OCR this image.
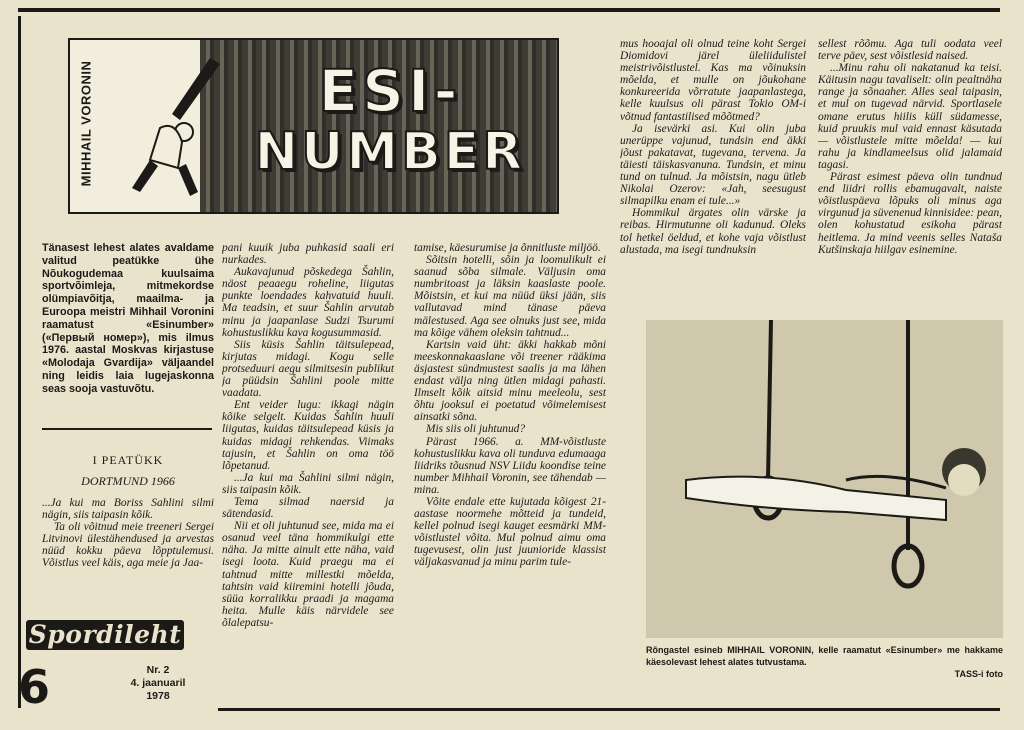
MIHHAIL VORONIN	ESI-
NUMBER
Tänasest lehest alates avaldame valitud peatükke ühe Nõukogudemaa kuulsaima sportvõimleja, mitmekordse olümpiavõitja, maailma- ja Euroopa meistri Mihhail Voronini raamatust «Esinumber» («Первый номер»), mis ilmus 1976. aastal Moskvas kirjastuse «Molodaja Gvardija» väljaandel ning leidis laia lugejaskonna seas sooja vastuvõtu.
I PEATÜKK
DORTMUND 1966

...Ja kui ma Boriss Sahlini silmi nägin, siis taipasin kõik.

Ta oli võitnud meie treeneri Sergei Litvinovi ülestähendused ja arvestas nüüd kokku päeva lõpptulemusi. Võistlus veel käis, aga meie ja Jaa-

pani kuuik juba puhkasid saali eri nurkades.

Aukavajunud põskedega Šahlin, näost peaaegu roheline, liigutas punkte loendades kahvatuid huuli. Ma teadsin, et suur Šahlin arvutab minu ja jaapanlase Sudzi Tsurumi kohustuslikku kava kogusummasid.

Siis küsis Šahlin täitsulepead, kirjutas midagi. Kogu selle protseduuri aegu silmitsesin publikut ja püüdsin Šahlini poole mitte vaadata.

Ent veider lugu: ikkagi nägin kõike selgelt. Kuidas Šahlin huuli liigutas, kuidas täitsulepead küsis ja kuidas midagi rehkendas. Viimaks tajusin, et Šahlin on oma töö lõpetanud.

...Ja kui ma Šahlini silmi nägin, siis taipasin kõik.

Tema silmad naersid ja sätendasid.

Nii et oli juhtunud see, mida ma ei osanud veel täna hommikulgi ette näha. Ja mitte ainult ette näha, vaid isegi loota. Kuid praegu ma ei tahtnud mitte millestki mõelda, tahtsin vaid kiiremini hotelli jõuda, süüa korralikku praadi ja magama heita. Mulle käis närvidele see õlalepatsu-

tamise, käesurumise ja õnnitluste miljöö.

Sõitsin hotelli, sõin ja loomulikult ei saanud sõba silmale. Väljusin oma numbritoast ja läksin kaaslaste poole. Mõistsin, et kui ma nüüd üksi jään, siis vallutavad mind tänase päeva mälestused. Aga see olnuks just see, mida ma kõige vähem oleksin tahtnud...

Kartsin vaid üht: äkki hakkab mõni meeskonnakaaslane või treener rääkima äsjastest sündmustest saalis ja ma lähen endast välja ning ütlen midagi pahasti. Ilmselt kõik aitsid minu meeleolu, sest õhtu jooksul ei poetatud võimelemisest ainsatki sõna.

Mis siis oli juhtunud?

Pärast 1966. a. MM-võistluste kohustuslikku kava oli tunduva edumaaga liidriks tõusnud NSV Liidu koondise teine number Mihhail Voronin, see tähendab — mina.

Võite endale ette kujutada kõigest 21-aastase noormehe mõtteid ja tundeid, kellel polnud isegi kauget eesmärki MM-võistlustel võita. Mul polnud aimu oma tugevusest, olin just juunioride klassist väljakasvanud ja minu parim tule-

mus hooajal oli olnud teine koht Sergei Diomidovi järel üleliidulistel meistrivõistlustel. Kas ma võinuksin mõelda, et mulle on jõukohane konkureerida võrratute jaapanlastega, kelle kuulsus oli pärast Tokio OM-i võtnud fantastilised mõõtmed?

Ja isevärki asi. Kui olin juba unerüppe vajunud, tundsin end äkki jõust pakatavat, tugevana, tervena. Ja täiesti täiskasvanuna. Tundsin, et minu tund on tulnud. Ja mõistsin, nagu ütleb Nikolai Ozerov: «Jah, seesugust silmapilku enam ei tule...»

Hommikul ärgates olin värske ja reibas. Hirmutunne oli kadunud. Oleks tol hetkel öeldud, et kohe vaja võistlust alustada, ma isegi tundnuksin

sellest rõõmu. Aga tuli oodata veel terve päev, sest võistlesid naised.

...Minu rahu oli nakatanud ka teisi. Käitusin nagu tavaliselt: olin pealtnäha range ja sõnaaher. Alles seal taipasin, et mul on tugevad närvid. Sportlasele omane erutus hiilis küll südamesse, kuid pruukis mul vaid ennast käsutada — võistlustele mitte mõelda! — kui rahu ja kindlameelsus olid jalamaid tagasi.

Pärast esimest päeva olin tundnud end liidri rollis ebamugavalt, naiste võistluspäeva lõpuks oli minus aga virgunud ja süvenenud kinnisidee: pean, olen kohustatud esikoha pärast heitlema. Ja mind veenis selles Nataša Kutšinskaja hiilgav esinemine.

Rõngastel esineb MIHHAIL VORONIN, kelle raamatut «Esinumber» me hakkame käesolevast lehest alates tutvustama.
TASS-i foto
Spordileht
6	Nr. 2
4. jaanuaril
1978
